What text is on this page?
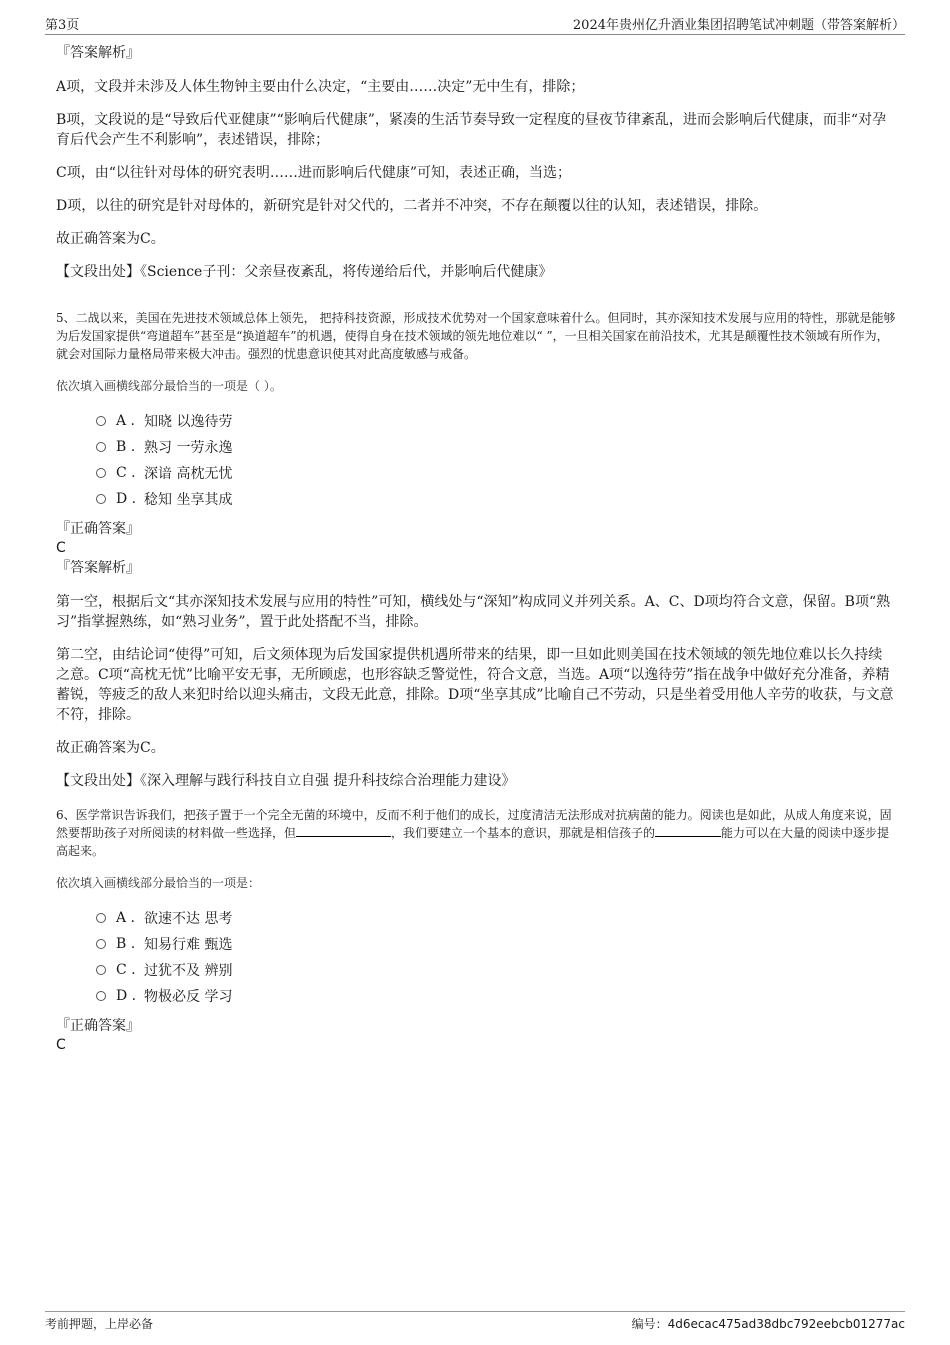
第3页	2024年贵州亿升酒业集团招聘笔试冲刺题（带答案解析）

『答案解析』

A项，文段并未涉及人体生物钟主要由什么决定，“主要由……决定”无中生有，排除；

B项，文段说的是“导致后代亚健康”“影响后代健康”，紧凑的生活节奏导致一定程度的昼夜节律紊乱，进而会影响后代健康，而非“对孕育后代会产生不利影响”，表述错误，排除；

C项，由“以往针对母体的研究表明……进而影响后代健康”可知，表述正确，当选；

D项，以往的研究是针对母体的，新研究是针对父代的，二者并不冲突，不存在颠覆以往的认知，表述错误，排除。

故正确答案为C。

【文段出处】《Science子刊：父亲昼夜紊乱，将传递给后代，并影响后代健康》

5、二战以来，美国在先进技术领域总体上领先， 把持科技资源，形成技术优势对一个国家意味着什么。但同时，其亦深知技术发展与应用的特性，那就是能够为后发国家提供“弯道超车”甚至是“换道超车”的机遇，使得自身在技术领域的领先地位难以“ ”，一旦相关国家在前沿技术，尤其是颠覆性技术领域有所作为，就会对国际力量格局带来极大冲击。强烈的忧患意识使其对此高度敏感与戒备。

依次填入画横线部分最恰当的一项是（ ）。

A . 知晓 以逸待劳
B . 熟习 一劳永逸
C . 深谙 高枕无忧
D . 稔知 坐享其成

『正确答案』

C

『答案解析』

第一空，根据后文“其亦深知技术发展与应用的特性”可知，横线处与“深知”构成同义并列关系。A、C、D项均符合文意，保留。B项“熟习”指掌握熟练，如“熟习业务”，置于此处搭配不当，排除。

第二空，由结论词“使得”可知，后文须体现为后发国家提供机遇所带来的结果，即一旦如此则美国在技术领域的领先地位难以长久持续之意。C项“高枕无忧”比喻平安无事，无所顾虑，也形容缺乏警觉性，符合文意，当选。A项“以逸待劳”指在战争中做好充分准备，养精蓄锐，等疲乏的敌人来犯时给以迎头痛击，文段无此意，排除。D项“坐享其成”比喻自己不劳动，只是坐着受用他人辛劳的收获，与文意不符，排除。

故正确答案为C。

【文段出处】《深入理解与践行科技自立自强 提升科技综合治理能力建设》

6、医学常识告诉我们，把孩子置于一个完全无菌的环境中，反而不利于他们的成长，过度清洁无法形成对抗病菌的能力。阅读也是如此，从成人角度来说，固然要帮助孩子对所阅读的材料做一些选择，但	，我们要建立一个基本的意识，那就是相信孩子的	能力可以在大量的阅读中逐步提高起来。

依次填入画横线部分最恰当的一项是：

A . 欲速不达 思考
B . 知易行难 甄选
C . 过犹不及 辨别
D . 物极必反 学习

『正确答案』

C

考前押题，上岸必备	编号：4d6ecac475ad38dbc792eebcb01277ac
